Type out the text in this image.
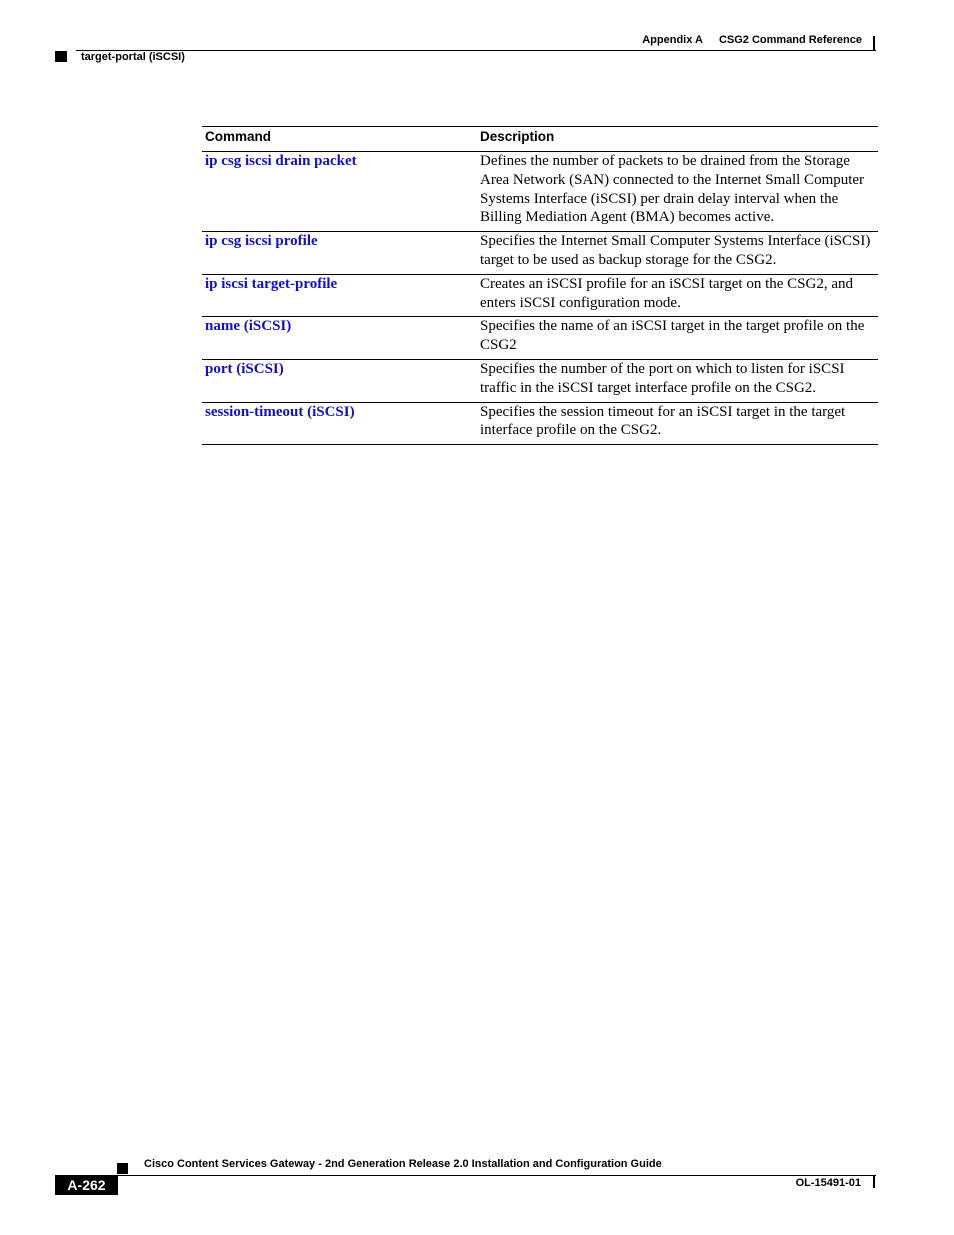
Appendix A CSG2 Command Reference
target-portal (iSCSI)
Command	Description
ip csg iscsi drain packet	Defines the number of packets to be drained from the Storage Area Network (SAN) connected to the Internet Small Computer Systems Interface (iSCSI) per drain delay interval when the Billing Mediation Agent (BMA) becomes active.
ip csg iscsi profile	Specifies the Internet Small Computer Systems Interface (iSCSI) target to be used as backup storage for the CSG2.
ip iscsi target-profile	Creates an iSCSI profile for an iSCSI target on the CSG2, and enters iSCSI configuration mode.
name (iSCSI)	Specifies the name of an iSCSI target in the target profile on the CSG2
port (iSCSI)	Specifies the number of the port on which to listen for iSCSI traffic in the iSCSI target interface profile on the CSG2.
session-timeout (iSCSI)	Specifies the session timeout for an iSCSI target in the target interface profile on the CSG2.
Cisco Content Services Gateway - 2nd Generation Release 2.0 Installation and Configuration Guide
A-262	OL-15491-01
